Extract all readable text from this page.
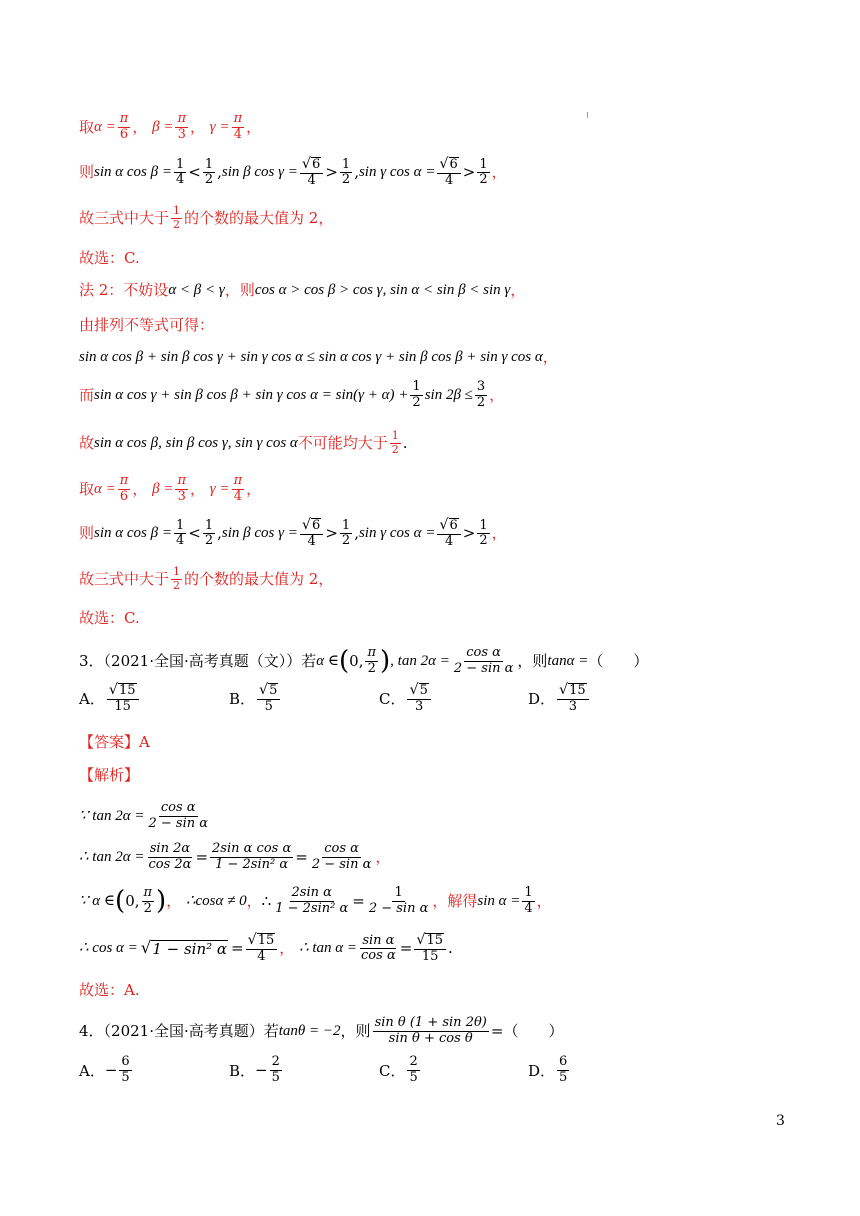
取 $\alpha = \frac{\pi}{6}$ ， $\beta = \frac{\pi}{3}$ ， $\gamma = \frac{\pi}{4}$ ，
则 sin α $\cos \beta = \frac{1}{4} < \frac{1}{2}$ , sin β $\cos \gamma = \frac{√ 6}{4} > \frac{1}{2}$ , sin γ $\cos \alpha = \frac{√ 6}{4} > \frac{1}{2}$ ，
故三式中大于 $\frac{1}{2}$ 的个数的最大值为 2，
故选：C.
法 2：不妨设 α < β < γ ，则 cos α > cos β > cos γ, sin α < sin β < sin γ ，
由排列不等式可得：
sin α cos β + sin β cos γ + sin γ cos α ≤ sin α cos γ + sin β cos β + sin γ cos α ，
而 sin α cos γ + sin β cos β + sin γ $\cos \alpha = \sin(\gamma + \alpha) + \frac{1}{2}$ $\sin 2\beta \le \frac{3}{2}$ ，
故 sin α cos β, sin β cos γ, sin γ cos α 不可能均大于 $\frac{1}{2}$ .
取 $\alpha = \frac{\pi}{6}$ ， $\beta = \frac{\pi}{3}$ ， $\gamma = \frac{\pi}{4}$ ，
则 sin α $\cos \beta = \frac{1}{4} < \frac{1}{2}$ , sin β $\cos \gamma = \frac{√ 6}{4} > \frac{1}{2}$ , sin γ $\cos \alpha = \frac{√ 6}{4} > \frac{1}{2}$ ，
故三式中大于 $\frac{1}{2}$ 的个数的最大值为 2，
故选：C.
3．（2021·全国·高考真题（文））若 α ∈ ( 0, $\frac{\pi}{2}$ ) , $\tan 2\alpha = \frac{\text{cos α}}{\text{2 − sin α}}$ ，则 tanα = （　　）
A． $\frac{√ 15}{15}$	B． $\frac{√ 5}{5}$	C． $\frac{√ 5}{3}$	D． $\frac{√ 15}{3}$
【答案】 A
【解析】
∵ $\tan 2\alpha = \frac{\text{cos α}}{\text{2 − sin α}}$
∴ $\tan 2\alpha = \frac{\sin 2\alpha}{\cos 2\alpha} = \frac{\text{2sin α cos α}}{\text{1 − 2sin² α}} = \frac{\text{cos α}}{\text{2 − sin α}}$ ，
∵ α ∈ ( 0, $\frac{\pi}{2}$ ) ， ∴cosα ≠ 0 ， ∴ $\frac{\text{2sin α}}{\text{1 − 2sin² α}} = \frac{1}{\text{2 − sin α}}$ ，解得 $\sin \alpha = \frac{1}{4}$ ，
∴ cos α = √ 1 − sin² $\alpha = \frac{√ 15}{4}$ ， ∴ $\tan \alpha = \frac{\text{sin α}}{\text{cos α}} = \frac{√ 15}{15}$ .
故选：A.
4．（2021·全国·高考真题）若 tanθ = −2 ，则 $\frac{\text{sin θ (1 + sin 2θ)}}{\text{sin θ + cos θ}}$ = （　　）
A． − $\frac{6}{5}$	B． − $\frac{2}{5}$	C． $\frac{2}{5}$	D． $\frac{6}{5}$
3
